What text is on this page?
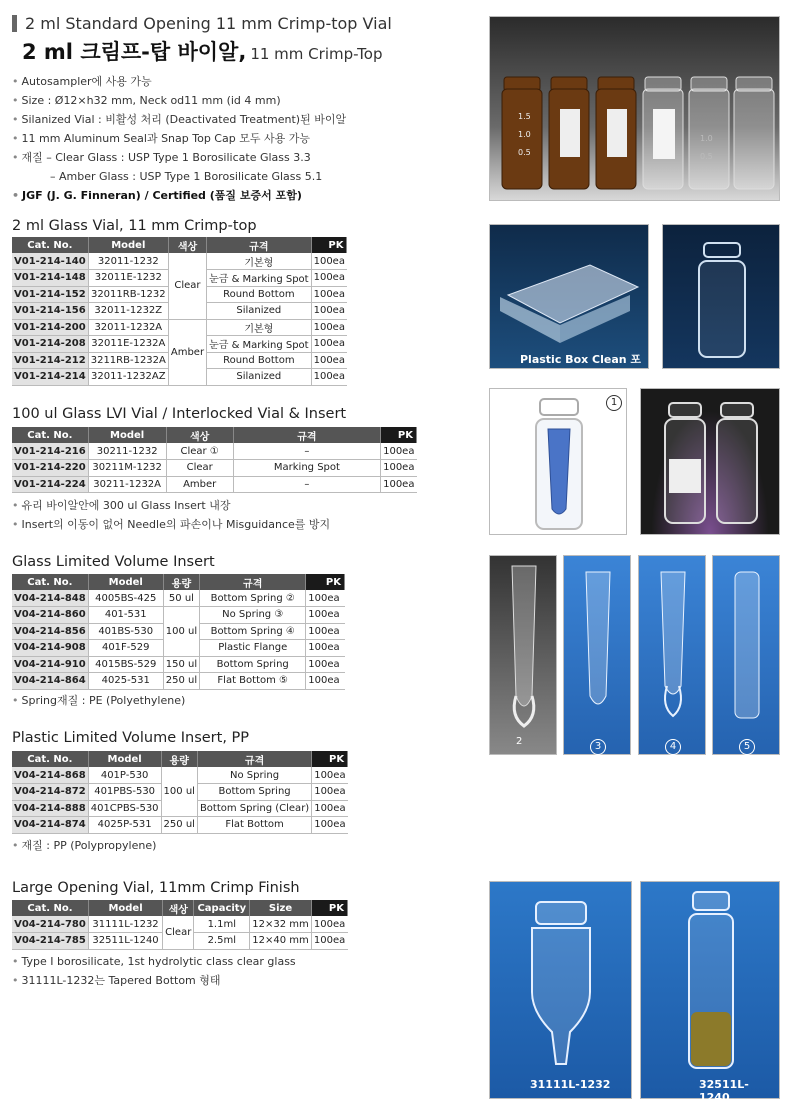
2 ml Standard Opening 11 mm Crimp-top Vial
2 ml 크림프-탑 바이알, 11 mm Crimp-Top
• Autosampler에 사용 가능
• Size : Ø12×h32 mm, Neck od11 mm (id 4 mm)
• Silanized Vial : 비활성 처리 (Deactivated Treatment)된 바이알
• 11 mm Aluminum Seal과 Snap Top Cap 모두 사용 가능
• 재질 – Clear Glass : USP Type 1 Borosilicate Glass 3.3
– Amber Glass : USP Type 1 Borosilicate Glass 5.1
• JGF (J. G. Finneran) / Certified (품질 보증서 포함)
2 ml Glass Vial, 11 mm Crimp-top
Cat. No.	Model	색상	규격	PK
V01-214-140	32011-1232	Clear	기본형	100ea
V01-214-148	32011E-1232		눈금 & Marking Spot	100ea
V01-214-152	32011RB-1232		Round Bottom	100ea
V01-214-156	32011-1232Z		Silanized	100ea
V01-214-200	32011-1232A	Amber	기본형	100ea
V01-214-208	32011E-1232A		눈금 & Marking Spot	100ea
V01-214-212	3211RB-1232A		Round Bottom	100ea
V01-214-214	32011-1232AZ		Silanized	100ea
100 ul Glass LVI Vial / Interlocked Vial & Insert
Cat. No.	Model	색상	규격	PK
V01-214-216	30211-1232	Clear ①	–	100ea
V01-214-220	30211M-1232	Clear	Marking Spot	100ea
V01-214-224	30211-1232A	Amber	–	100ea
• 유리 바이알안에 300 ul Glass Insert 내장
• Insert의 이동이 없어 Needle의 파손이나 Misguidance를 방지
Glass Limited Volume Insert
Cat. No.	Model	용량	규격	PK
V04-214-848	4005BS-425	50 ul	Bottom Spring ②	100ea
V04-214-860	401-531	100 ul	No Spring ③	100ea
V04-214-856	401BS-530		Bottom Spring ④	100ea
V04-214-908	401F-529		Plastic Flange	100ea
V04-214-910	4015BS-529	150 ul	Bottom Spring	100ea
V04-214-864	4025-531	250 ul	Flat Bottom ⑤	100ea
• Spring재질 : PE (Polyethylene)
Plastic Limited Volume Insert, PP
Cat. No.	Model	용량	규격	PK
V04-214-868	401P-530	100 ul	No Spring	100ea
V04-214-872	401PBS-530		Bottom Spring	100ea
V04-214-888	401CPBS-530		Bottom Spring (Clear)	100ea
V04-214-874	4025P-531	250 ul	Flat Bottom	100ea
• 재질 : PP (Polypropylene)
Large Opening Vial, 11mm Crimp Finish
Cat. No.	Model	색상	Capacity	Size	PK
V04-214-780	31111L-1232	Clear	1.1ml	12×32 mm	100ea
V04-214-785	32511L-1240		2.5ml	12×40 mm	100ea
• Type Ⅰ borosilicate, 1st hydrolytic class clear glass
• 31111L-1232는 Tapered Bottom 형태
1.5
1.0
0.5
1.0
0.5
Plastic Box Clean 포장
1
2	3	4	5
31111L-1232	32511L-1240
